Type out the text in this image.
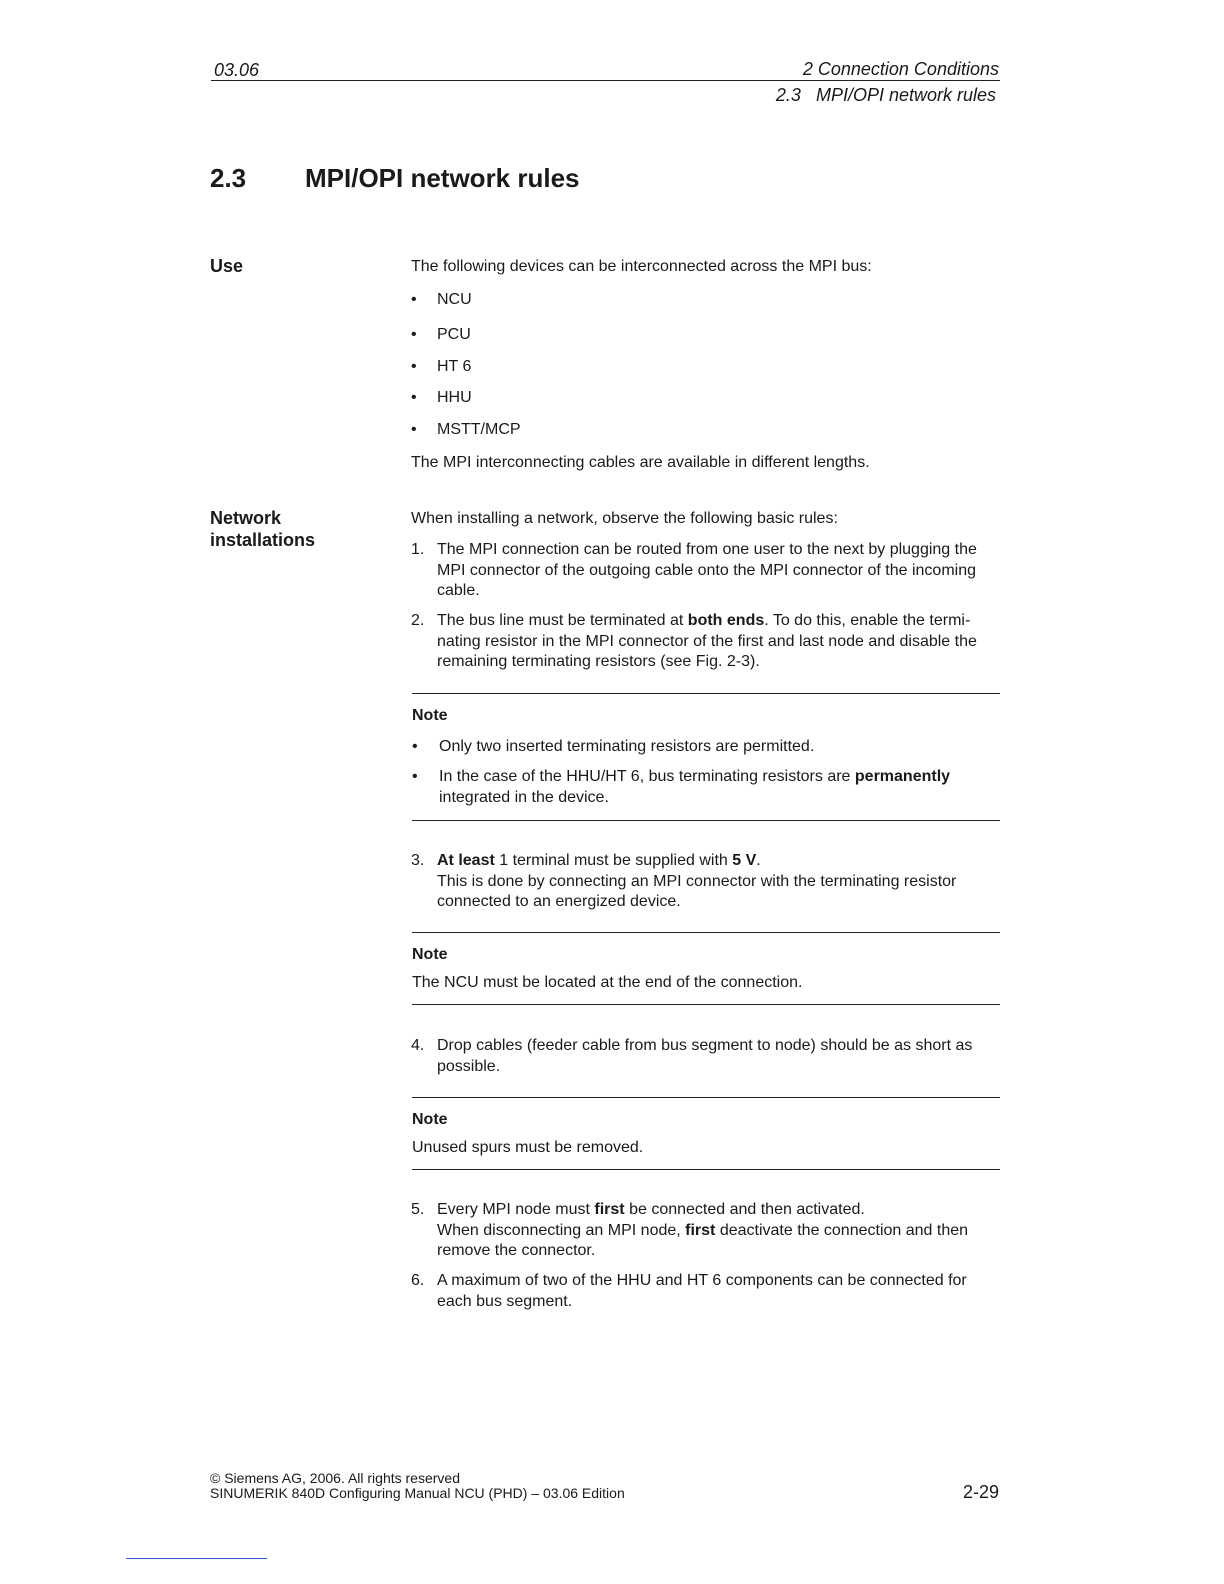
03.06	2 Connection Conditions
2.3   MPI/OPI network rules
2.3 MPI/OPI network rules
Use	The following devices can be interconnected across the MPI bus:
• NCU
• PCU
• HT 6
• HHU
• MSTT/MCP
The MPI interconnecting cables are available in different lengths.
Network
installations
When installing a network, observe the following basic rules:
1. The MPI connection can be routed from one user to the next by plugging the MPI connector of the outgoing cable onto the MPI connector of the incoming cable.
2. The bus line must be terminated at both ends. To do this, enable the termi-nating resistor in the MPI connector of the first and last node and disable the remaining terminating resistors (see Fig. 2-3).
Note
• Only two inserted terminating resistors are permitted.
• In the case of the HHU/HT 6, bus terminating resistors are permanently integrated in the device.
3. At least 1 terminal must be supplied with 5 V.
This is done by connecting an MPI connector with the terminating resistor connected to an energized device.
Note
The NCU must be located at the end of the connection.
4. Drop cables (feeder cable from bus segment to node) should be as short as possible.
Note
Unused spurs must be removed.
5. Every MPI node must first be connected and then activated.
When disconnecting an MPI node, first deactivate the connection and then remove the connector.
6. A maximum of two of the HHU and HT 6 components can be connected for each bus segment.
© Siemens AG, 2006. All rights reserved
SINUMERIK 840D Configuring Manual NCU (PHD) – 03.06 Edition	2-29
